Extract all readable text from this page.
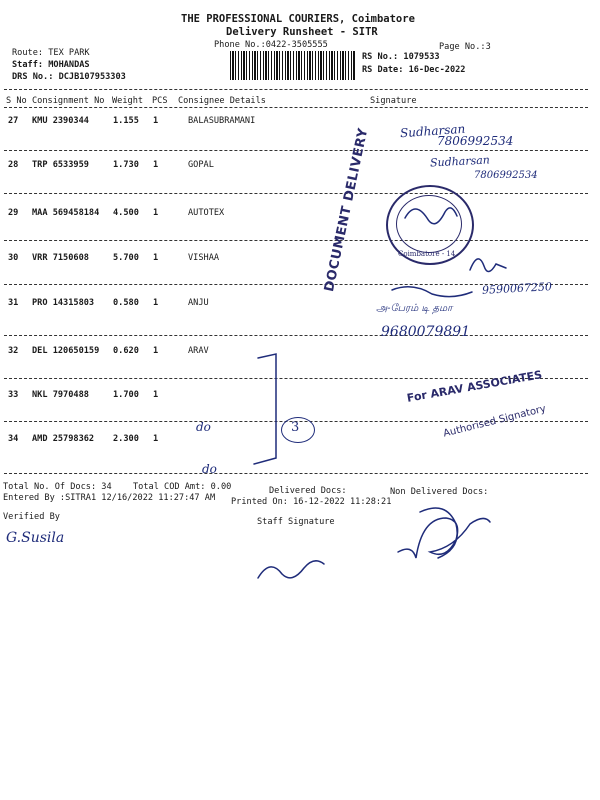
THE PROFESSIONAL COURIERS, Coimbatore
Delivery Runsheet - SITR
Phone No.:0422-3505555	Page No.:3
Route: TEX PARK
Staff: MOHANDAS
DRS No.: DCJB107953303
RS No.: 1079533
RS Date: 16-Dec-2022
S No Consignment No Weight PCS Consignee Details	Signature
27 KMU 2390344	1.155 1	BALASUBRAMANI
28 TRP 6533959	1.730 1	GOPAL
29 MAA 569458184 4.500 1	AUTOTEX
30 VRR 7150608	5.700 1	VISHAA
31 PRO 14315803 0.580 1	ANJU
32 DEL 120650159 0.620 1	ARAV
33 NKL 7970488	1.700 1
34 AMD 25798362 2.300 1
Total No. Of Docs: 34 Total COD Amt: 0.00	Delivered Docs:	Non Delivered Docs:
Entered By :SITRA1 12/16/2022 11:27:47 AM Printed On: 16-12-2022 11:28:21
Verified By	Staff Signature
Sudharsan
7806992534
Sudharsan
7806992534
Coimbatore - 14
9590067250
அ-பேரம் டி தமா
9680079891
do
do
3
G.Susila
DOCUMENT DELIVERY
For ARAV ASSOCIATES
Authorised Signatory
